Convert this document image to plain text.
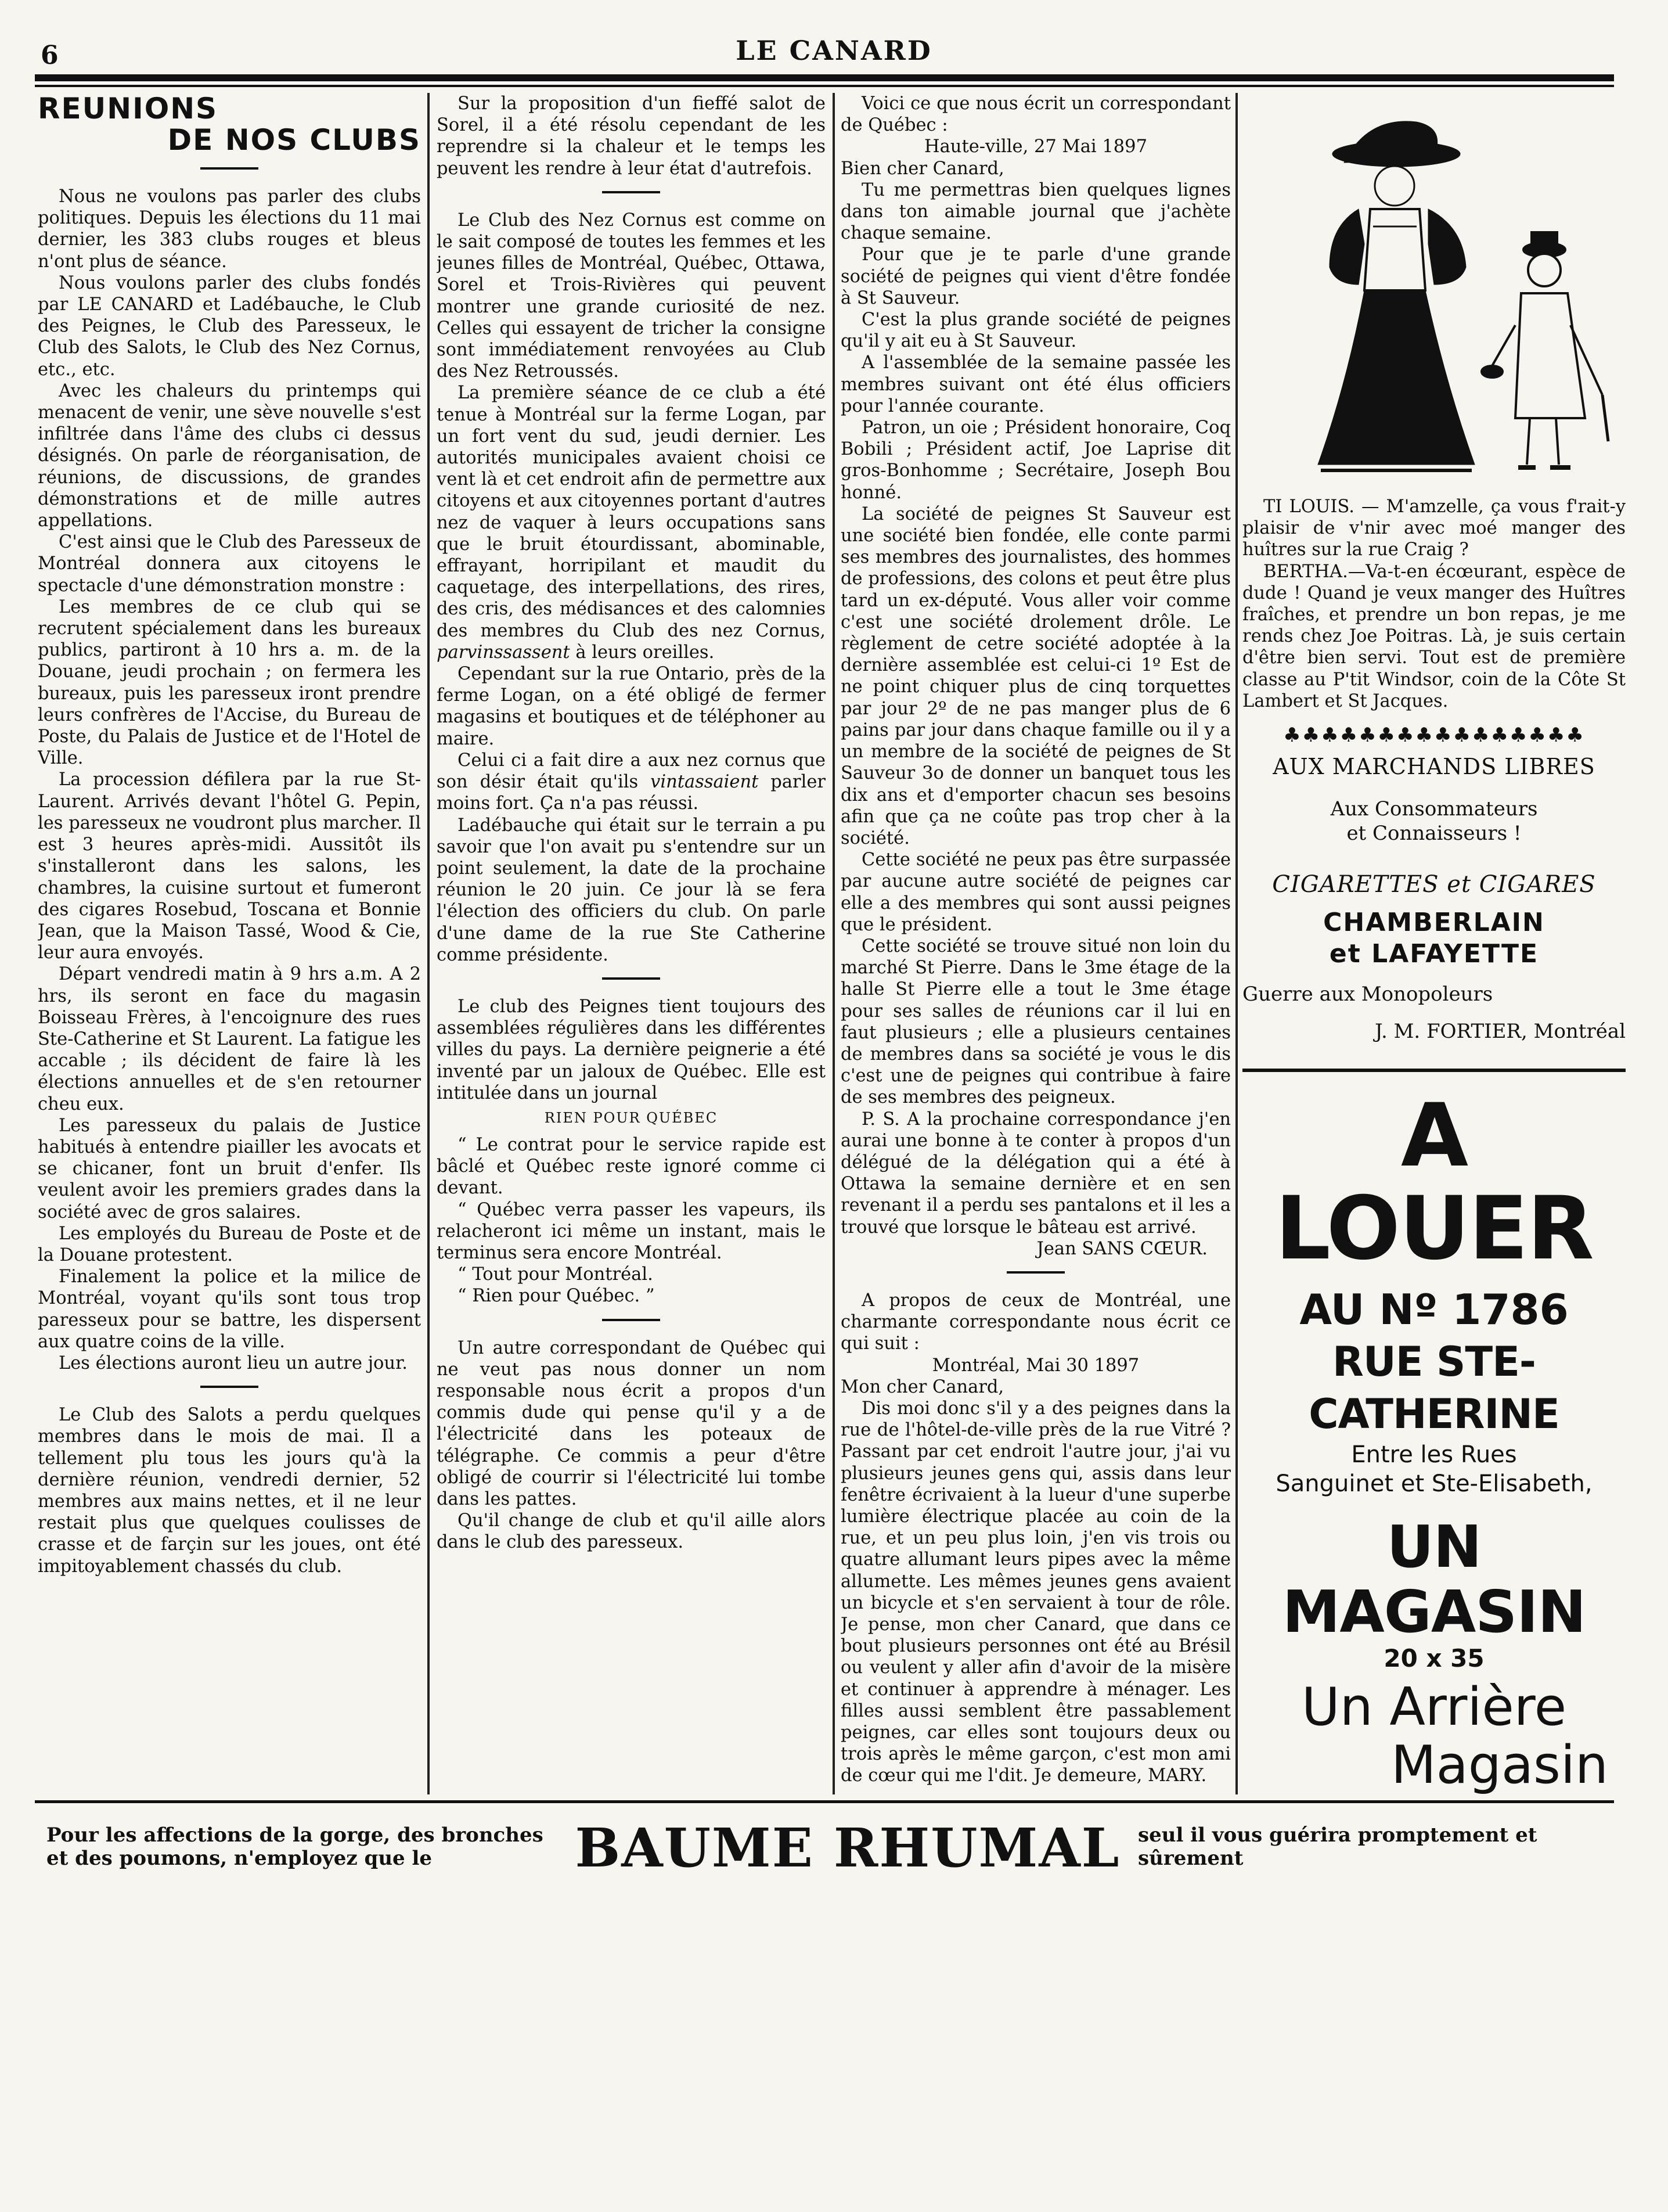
6	LE CANARD
REUNIONS
DE NOS CLUBS

Nous ne voulons pas parler des clubs politiques. Depuis les élections du 11 mai dernier, les 383 clubs rouges et bleus n'ont plus de séance.

Nous voulons parler des clubs fondés par LE CANARD et Ladébauche, le Club des Peignes, le Club des Paresseux, le Club des Salots, le Club des Nez Cornus, etc., etc.

Avec les chaleurs du printemps qui menacent de venir, une sève nouvelle s'est infiltrée dans l'âme des clubs ci dessus désignés. On parle de réorganisation, de réunions, de discussions, de grandes démonstrations et de mille autres appellations.

C'est ainsi que le Club des Paresseux de Montréal donnera aux citoyens le spectacle d'une démonstration monstre :

Les membres de ce club qui se recrutent spécialement dans les bureaux publics, partiront à 10 hrs a. m. de la Douane, jeudi prochain ; on fermera les bureaux, puis les paresseux iront prendre leurs confrères de l'Accise, du Bureau de Poste, du Palais de Justice et de l'Hotel de Ville.

La procession défilera par la rue St-Laurent. Arrivés devant l'hôtel G. Pepin, les paresseux ne voudront plus marcher. Il est 3 heures après-midi. Aussitôt ils s'installeront dans les salons, les chambres, la cuisine surtout et fumeront des cigares Rosebud, Toscana et Bonnie Jean, que la Maison Tassé, Wood & Cie, leur aura envoyés.

Départ vendredi matin à 9 hrs a.m. A 2 hrs, ils seront en face du magasin Boisseau Frères, à l'encoignure des rues Ste-Catherine et St Laurent. La fatigue les accable ; ils décident de faire là les élections annuelles et de s'en retourner cheu eux.

Les paresseux du palais de Justice habitués à entendre piailler les avocats et se chicaner, font un bruit d'enfer. Ils veulent avoir les premiers grades dans la société avec de gros salaires.

Les employés du Bureau de Poste et de la Douane protestent.

Finalement la police et la milice de Montréal, voyant qu'ils sont tous trop paresseux pour se battre, les dispersent aux quatre coins de la ville.

Les élections auront lieu un autre jour.

Le Club des Salots a perdu quelques membres dans le mois de mai. Il a tellement plu tous les jours qu'à la dernière réunion, vendredi dernier, 52 membres aux mains nettes, et il ne leur restait plus que quelques coulisses de crasse et de farçin sur les joues, ont été impitoyablement chassés du club.

Sur la proposition d'un fieffé salot de Sorel, il a été résolu cependant de les reprendre si la chaleur et le temps les peuvent les rendre à leur état d'autrefois.

Le Club des Nez Cornus est comme on le sait composé de toutes les femmes et les jeunes filles de Montréal, Québec, Ottawa, Sorel et Trois-Rivières qui peuvent montrer une grande curiosité de nez. Celles qui essayent de tricher la consigne sont immédiatement renvoyées au Club des Nez Retroussés.

La première séance de ce club a été tenue à Montréal sur la ferme Logan, par un fort vent du sud, jeudi dernier. Les autorités municipales avaient choisi ce vent là et cet endroit afin de permettre aux citoyens et aux citoyennes portant d'autres nez de vaquer à leurs occupations sans que le bruit étourdissant, abominable, effrayant, horripilant et maudit du caquetage, des interpellations, des rires, des cris, des médisances et des calomnies des membres du Club des nez Cornus, parvinssassent à leurs oreilles.

Cependant sur la rue Ontario, près de la ferme Logan, on a été obligé de fermer magasins et boutiques et de téléphoner au maire.

Celui ci a fait dire a aux nez cornus que son désir était qu'ils vintassaient parler moins fort. Ça n'a pas réussi.

Ladébauche qui était sur le terrain a pu savoir que l'on avait pu s'entendre sur un point seulement, la date de la prochaine réunion le 20 juin. Ce jour là se fera l'élection des officiers du club. On parle d'une dame de la rue Ste Catherine comme présidente.

Le club des Peignes tient toujours des assemblées régulières dans les différentes villes du pays. La dernière peignerie a été inventé par un jaloux de Québec. Elle est intitulée dans un journal

RIEN POUR QUÉBEC

“ Le contrat pour le service rapide est bâclé et Québec reste ignoré comme ci devant.

“ Québec verra passer les vapeurs, ils relacheront ici même un instant, mais le terminus sera encore Montréal.

“ Tout pour Montréal.

“ Rien pour Québec. ”

Un autre correspondant de Québec qui ne veut pas nous donner un nom responsable nous écrit a propos d'un commis dude qui pense qu'il y a de l'électricité dans les poteaux de télégraphe. Ce commis a peur d'être obligé de courrir si l'électricité lui tombe dans les pattes.

Qu'il change de club et qu'il aille alors dans le club des paresseux.

Voici ce que nous écrit un correspondant de Québec :

Haute-ville, 27 Mai 1897

Bien cher Canard,

Tu me permettras bien quelques lignes dans ton aimable journal que j'achète chaque semaine.

Pour que je te parle d'une grande société de peignes qui vient d'être fondée à St Sauveur.

C'est la plus grande société de peignes qu'il y ait eu à St Sauveur.

A l'assemblée de la semaine passée les membres suivant ont été élus officiers pour l'année courante.

Patron, un oie ; Président honoraire, Coq Bobili ; Président actif, Joe Laprise dit gros-Bonhomme ; Secrétaire, Joseph Bou honné.

La société de peignes St Sauveur est une société bien fondée, elle conte parmi ses membres des journalistes, des hommes de professions, des colons et peut être plus tard un ex-député. Vous aller voir comme c'est une société drolement drôle. Le règlement de cetre société adoptée à la dernière assemblée est celui-ci 1º Est de ne point chiquer plus de cinq torquettes par jour 2º de ne pas manger plus de 6 pains par jour dans chaque famille ou il y a un membre de la société de peignes de St Sauveur 3o de donner un banquet tous les dix ans et d'emporter chacun ses besoins afin que ça ne coûte pas trop cher à la société.

Cette société ne peux pas être surpassée par aucune autre société de peignes car elle a des membres qui sont aussi peignes que le président.

Cette société se trouve situé non loin du marché St Pierre. Dans le 3me étage de la halle St Pierre elle a tout le 3me étage pour ses salles de réunions car il lui en faut plusieurs ; elle a plusieurs centaines de membres dans sa société je vous le dis c'est une de peignes qui contribue à faire de ses membres des peigneux.

P. S. A la prochaine correspondance j'en aurai une bonne à te conter à propos d'un délégué de la délégation qui a été à Ottawa la semaine dernière et en sen revenant il a perdu ses pantalons et il les a trouvé que lorsque le bâteau est arrivé.

Jean SANS CŒUR.

A propos de ceux de Montréal, une charmante correspondante nous écrit ce qui suit :

Montréal, Mai 30 1897

Mon cher Canard,

Dis moi donc s'il y a des peignes dans la rue de l'hôtel-de-ville près de la rue Vitré ? Passant par cet endroit l'autre jour, j'ai vu plusieurs jeunes gens qui, assis dans leur fenêtre écrivaient à la lueur d'une superbe lumière électrique placée au coin de la rue, et un peu plus loin, j'en vis trois ou quatre allumant leurs pipes avec la même allumette. Les mêmes jeunes gens avaient un bicycle et s'en servaient à tour de rôle. Je pense, mon cher Canard, que dans ce bout plusieurs personnes ont été au Brésil ou veulent y aller afin d'avoir de la misère et continuer à apprendre à ménager. Les filles aussi semblent être passablement peignes, car elles sont toujours deux ou trois après le même garçon, c'est mon ami de cœur qui me l'dit. Je demeure, MARY.

TI LOUIS. — M'amzelle, ça vous f'rait-y plaisir de v'nir avec moé manger des huîtres sur la rue Craig ?

BERTHA.—Va-t-en écœurant, espèce de dude ! Quand je veux manger des Huîtres fraîches, et prendre un bon repas, je me rends chez Joe Poitras. Là, je suis certain d'être bien servi. Tout est de première classe au P'tit Windsor, coin de la Côte St Lambert et St Jacques.

♣♣♣♣♣♣♣♣♣♣♣♣♣♣♣♣
AUX MARCHANDS LIBRES
Aux Consommateurs
et Connaisseurs !
CIGARETTES et CIGARES
CHAMBERLAIN
et LAFAYETTE
Guerre aux Monopoleurs
J. M. FORTIER, Montréal
A LOUER
AU Nº 1786
RUE STE-CATHERINE
Entre les Rues
Sanguinet et Ste-Elisabeth,
UN MAGASIN
20 x 35
Un Arrière
Magasin

Pour les affections de la gorge, des bronches et des poumons, n'employez que le	BAUME RHUMAL seul il vous guérira promptement et sûrement
